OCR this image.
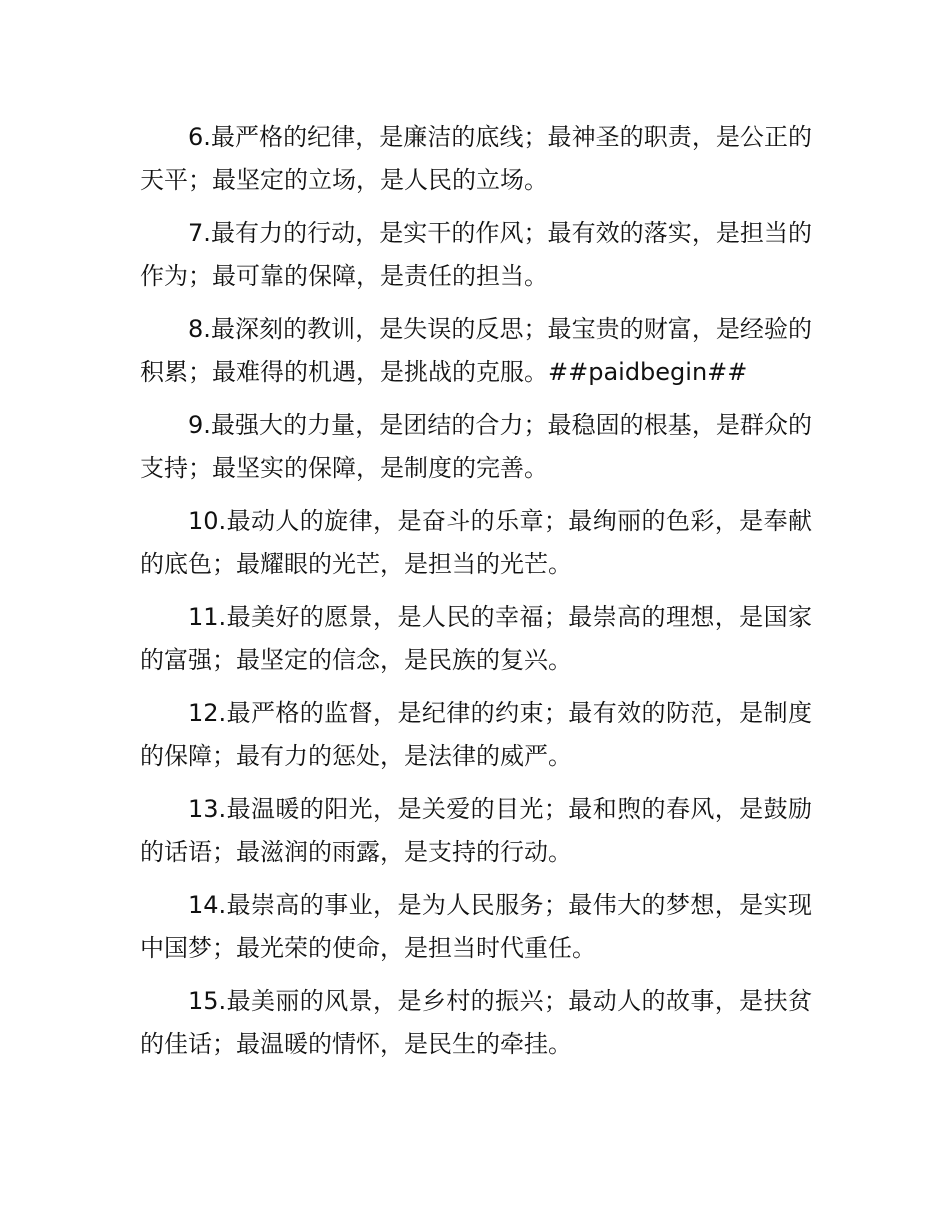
6.最严格的纪律，是廉洁的底线；最神圣的职责，是公正的天平；最坚定的立场，是人民的立场。

7.最有力的行动，是实干的作风；最有效的落实，是担当的作为；最可靠的保障，是责任的担当。

8.最深刻的教训，是失误的反思；最宝贵的财富，是经验的积累；最难得的机遇，是挑战的克服。##paidbegin##

9.最强大的力量，是团结的合力；最稳固的根基，是群众的支持；最坚实的保障，是制度的完善。

10.最动人的旋律，是奋斗的乐章；最绚丽的色彩，是奉献的底色；最耀眼的光芒，是担当的光芒。

11.最美好的愿景，是人民的幸福；最崇高的理想，是国家的富强；最坚定的信念，是民族的复兴。

12.最严格的监督，是纪律的约束；最有效的防范，是制度的保障；最有力的惩处，是法律的威严。

13.最温暖的阳光，是关爱的目光；最和煦的春风，是鼓励的话语；最滋润的雨露，是支持的行动。

14.最崇高的事业，是为人民服务；最伟大的梦想，是实现中国梦；最光荣的使命，是担当时代重任。

15.最美丽的风景，是乡村的振兴；最动人的故事，是扶贫的佳话；最温暖的情怀，是民生的牵挂。
